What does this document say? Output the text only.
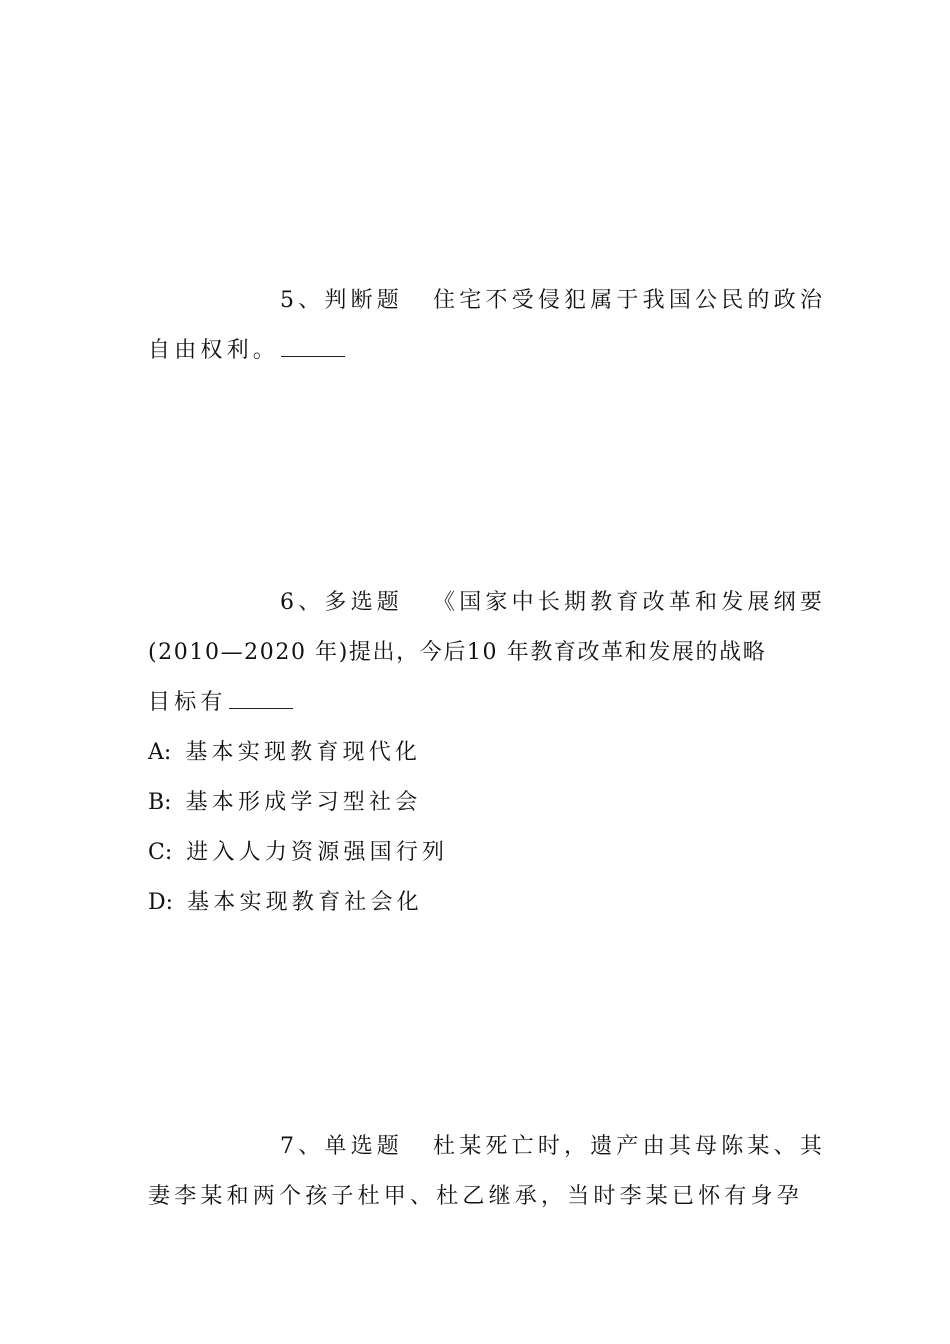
5、判断题 住宅不受侵犯属于我国公民的政治
自由权利。
6、多选题 《国家中长期教育改革和发展纲要
(2010—2020 年)提出，今后10 年教育改革和发展的战略
目标有
A: 基本实现教育现代化
B: 基本形成学习型社会
C: 进入人力资源强国行列
D: 基本实现教育社会化
7、单选题 杜某死亡时，遗产由其母陈某、其
妻李某和两个孩子杜甲、杜乙继承，当时李某已怀有身孕
